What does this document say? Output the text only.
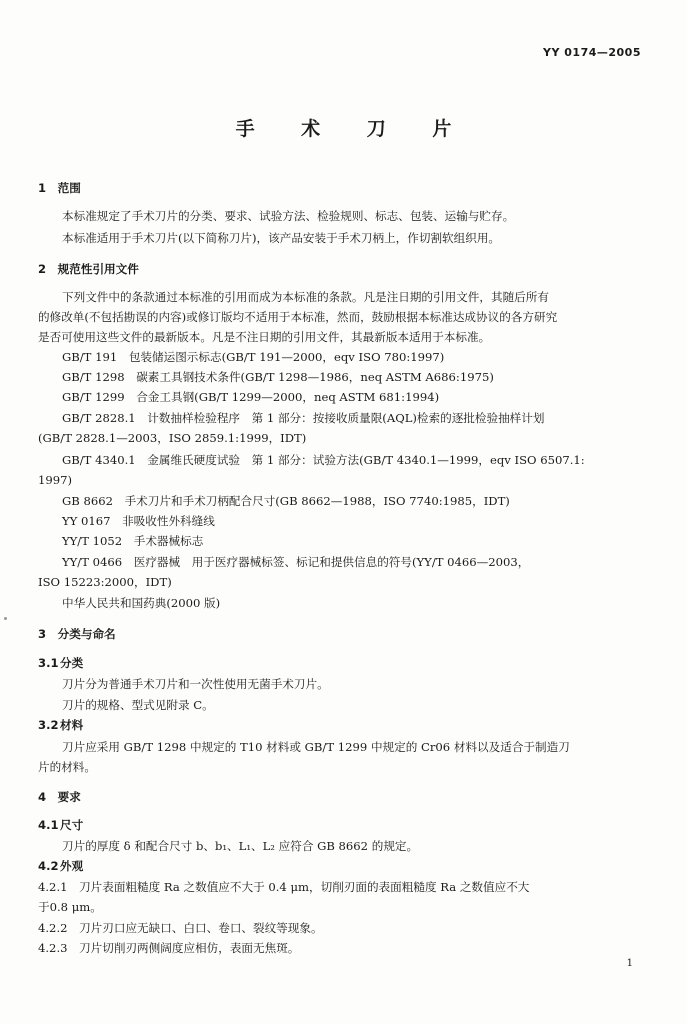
YY 0174—2005
手 术 刀 片
1　范围
本标准规定了手术刀片的分类、要求、试验方法、检验规则、标志、包装、运输与贮存。
本标准适用于手术刀片(以下简称刀片)，该产品安装于手术刀柄上，作切割软组织用。
2　规范性引用文件
下列文件中的条款通过本标准的引用而成为本标准的条款。凡是注日期的引用文件，其随后所有
的修改单(不包括勘误的内容)或修订版均不适用于本标准，然而，鼓励根据本标准达成协议的各方研究
是否可使用这些文件的最新版本。凡是不注日期的引用文件，其最新版本适用于本标准。
GB/T 191　包装储运图示标志(GB/T 191—2000，eqv ISO 780:1997)
GB/T 1298　碳素工具钢技术条件(GB/T 1298—1986，neq ASTM A686:1975)
GB/T 1299　合金工具钢(GB/T 1299—2000，neq ASTM 681:1994)
GB/T 2828.1　计数抽样检验程序　第 1 部分：按接收质量限(AQL)检索的逐批检验抽样计划
(GB/T 2828.1—2003，ISO 2859.1:1999，IDT)
GB/T 4340.1　金属维氏硬度试验　第 1 部分：试验方法(GB/T 4340.1—1999，eqv ISO 6507.1:
1997)
GB 8662　手术刀片和手术刀柄配合尺寸(GB 8662—1988，ISO 7740:1985，IDT)
YY 0167　非吸收性外科缝线
YY/T 1052　手术器械标志
YY/T 0466　医疗器械　用于医疗器械标签、标记和提供信息的符号(YY/T 0466—2003，
ISO 15223:2000，IDT)
中华人民共和国药典(2000 版)
3　分类与命名
3.1分类
刀片分为普通手术刀片和一次性使用无菌手术刀片。
刀片的规格、型式见附录 C。
3.2材料
刀片应采用 GB/T 1298 中规定的 T10 材料或 GB/T 1299 中规定的 Cr06 材料以及适合于制造刀
片的材料。
4　要求
4.1尺寸
刀片的厚度 δ 和配合尺寸 b、b₁、L₁、L₂ 应符合 GB 8662 的规定。
4.2外观
4.2.1　刀片表面粗糙度 Ra 之数值应不大于 0.4 μm，切削刃面的表面粗糙度 Ra 之数值应不大
于0.8 μm。
4.2.2　刀片刃口应无缺口、白口、卷口、裂纹等现象。
4.2.3　刀片切削刃两侧阔度应相仿，表面无焦斑。
1
